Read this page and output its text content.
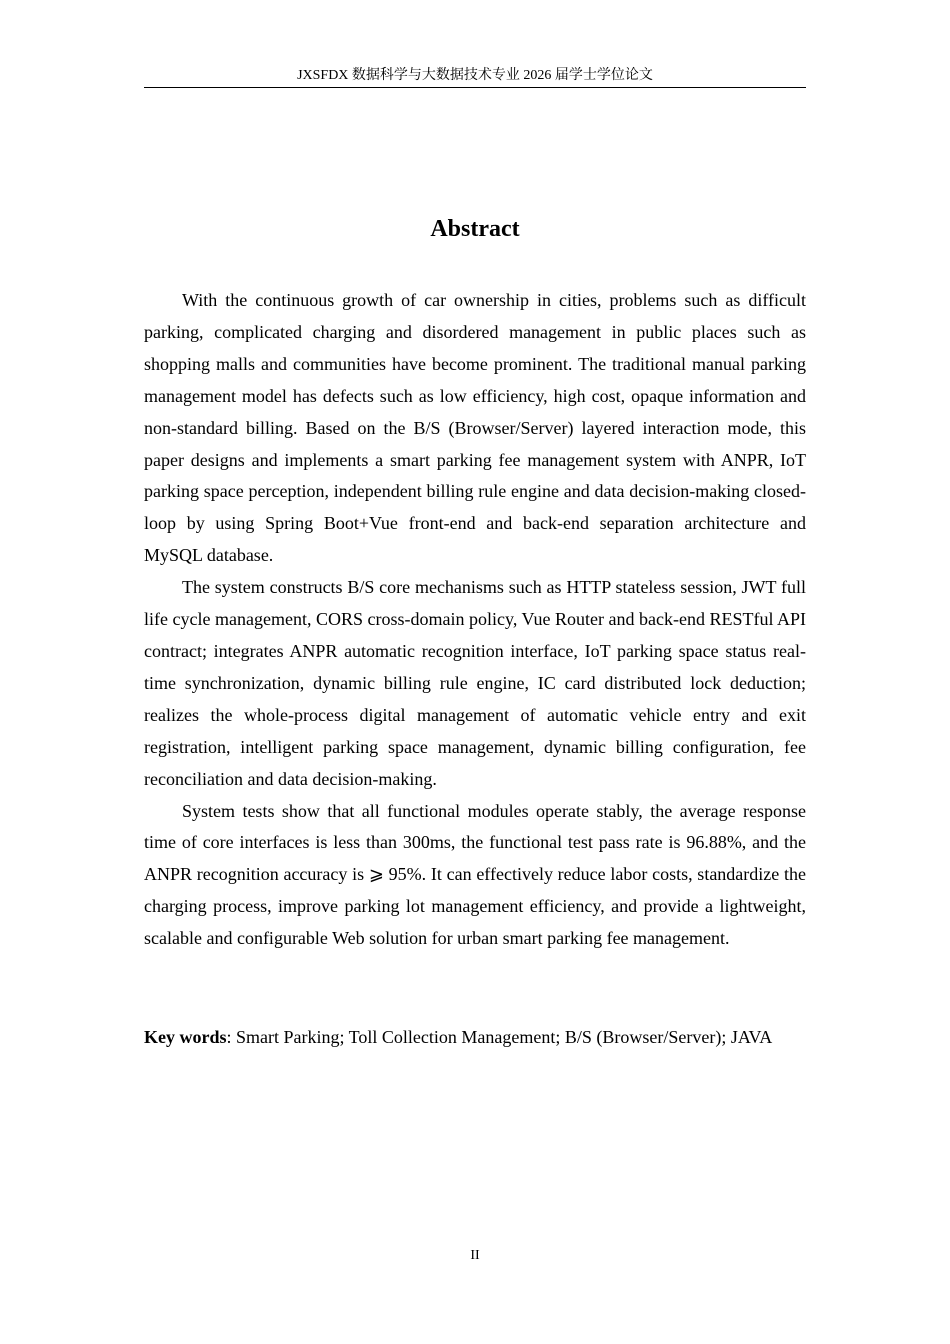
JXSFDX 数据科学与大数据技术专业 2026 届学士学位论文
Abstract

With the continuous growth of car ownership in cities, problems such as difficult parking, complicated charging and disordered management in public places such as shopping malls and communities have become prominent. The traditional manual parking management model has defects such as low efficiency, high cost, opaque information and non-standard billing. Based on the B/S (Browser/Server) layered interaction mode, this paper designs and implements a smart parking fee management system with ANPR, IoT parking space perception, independent billing rule engine and data decision-making closed-loop by using Spring Boot+Vue front-end and back-end separation architecture and MySQL database.

The system constructs B/S core mechanisms such as HTTP stateless session, JWT full life cycle management, CORS cross-domain policy, Vue Router and back-end RESTful API contract; integrates ANPR automatic recognition interface, IoT parking space status real-time synchronization, dynamic billing rule engine, IC card distributed lock deduction; realizes the whole-process digital management of automatic vehicle entry and exit registration, intelligent parking space management, dynamic billing configuration, fee reconciliation and data decision-making.

System tests show that all functional modules operate stably, the average response time of core interfaces is less than 300ms, the functional test pass rate is 96.88%, and the ANPR recognition accuracy is ⩾ 95%. It can effectively reduce labor costs, standardize the charging process, improve parking lot management efficiency, and provide a lightweight, scalable and configurable Web solution for urban smart parking fee management.

Key words: Smart Parking; Toll Collection Management; B/S (Browser/Server); JAVA
II
